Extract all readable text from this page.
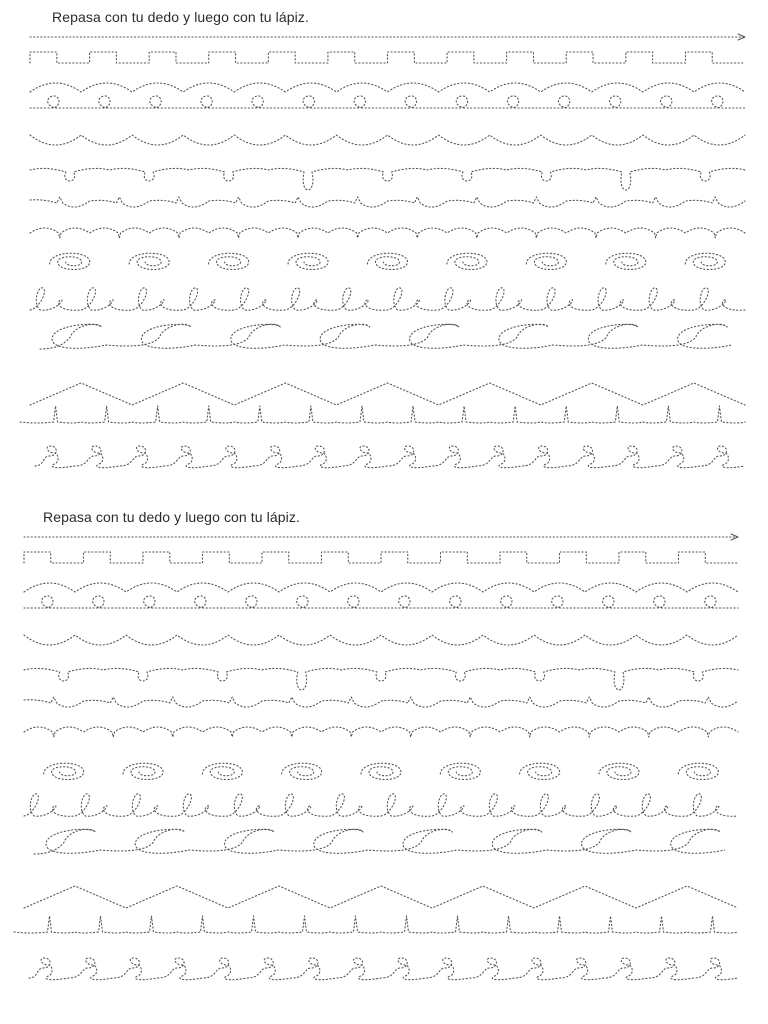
Repasa con tu dedo y luego con tu lápiz.
Repasa con tu dedo y luego con tu lápiz.
